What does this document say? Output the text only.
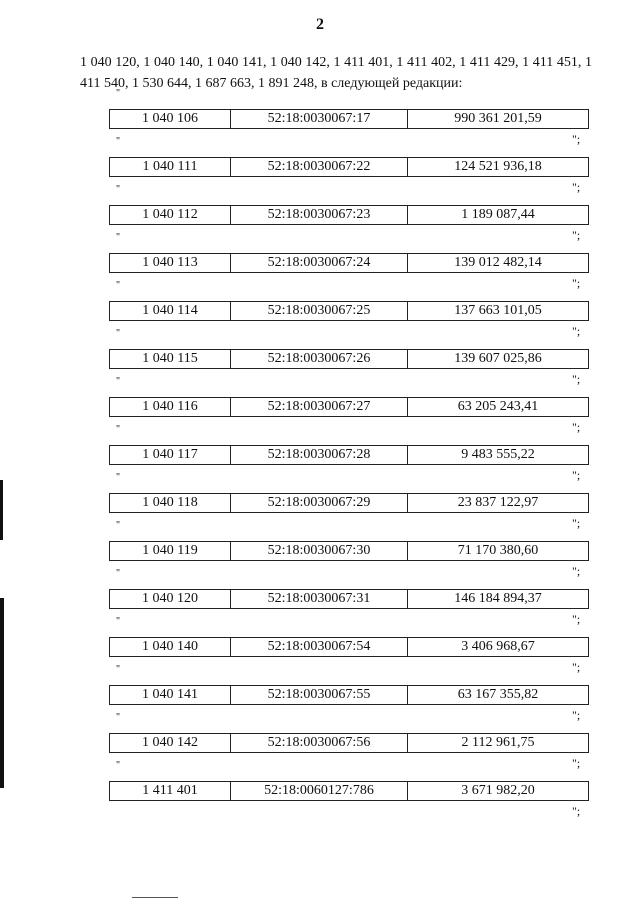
2

1 040 120, 1 040 140, 1 040 141, 1 040 142, 1 411 401, 1 411 402, 1 411 429, 1 411 451, 1 411 540, 1 530 644, 1 687 663, 1 891 248, в следующей редакции:

"
1 040 106	52:18:0030067:17	990 361 201,59
";
"
1 040 111	52:18:0030067:22	124 521 936,18
";
"
1 040 112	52:18:0030067:23	1 189 087,44
";
"
1 040 113	52:18:0030067:24	139 012 482,14
";
"
1 040 114	52:18:0030067:25	137 663 101,05
";
"
1 040 115	52:18:0030067:26	139 607 025,86
";
"
1 040 116	52:18:0030067:27	63 205 243,41
";
"
1 040 117	52:18:0030067:28	9 483 555,22
";
"
1 040 118	52:18:0030067:29	23 837 122,97
";
"
1 040 119	52:18:0030067:30	71 170 380,60
";
"
1 040 120	52:18:0030067:31	146 184 894,37
";
"
1 040 140	52:18:0030067:54	3 406 968,67
";
"
1 040 141	52:18:0030067:55	63 167 355,82
";
"
1 040 142	52:18:0030067:56	2 112 961,75
";
"
1 411 401	52:18:0060127:786	3 671 982,20
";
